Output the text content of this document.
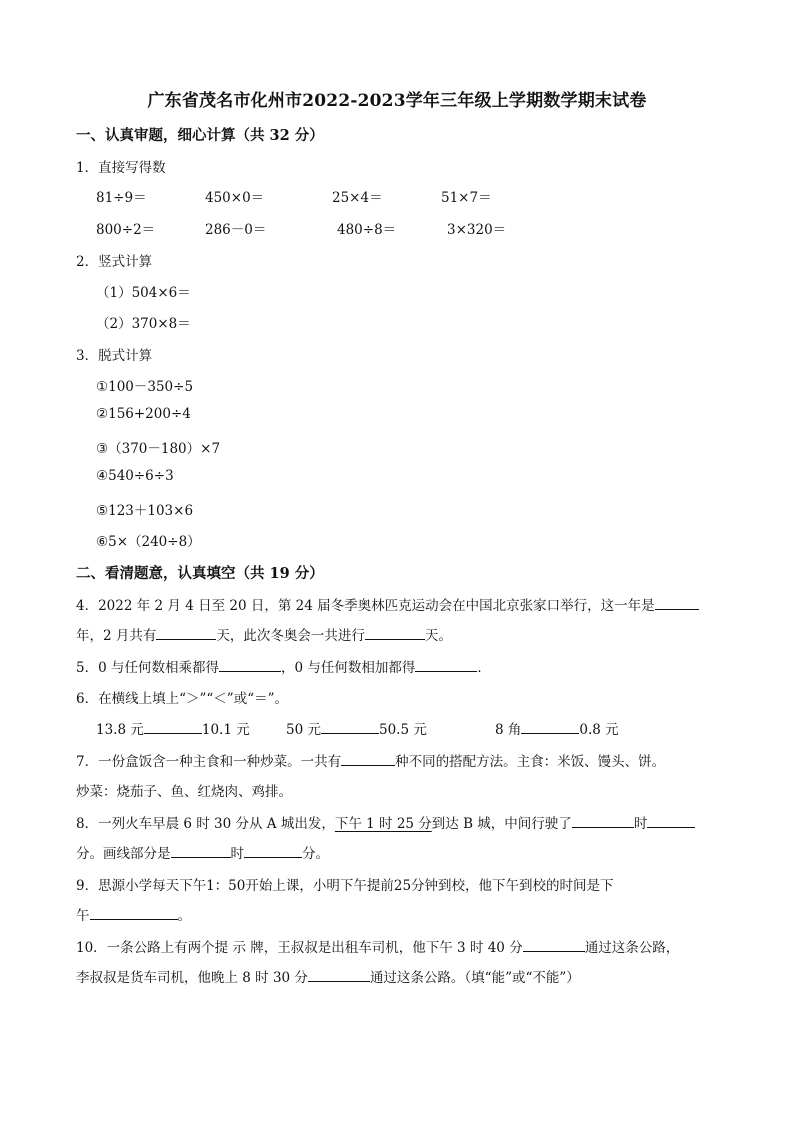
广东省茂名市化州市2022-2023学年三年级上学期数学期末试卷
一、认真审题，细心计算（共 32 分）
1．直接写得数
81÷9＝	450×0＝	25×4＝	51×7＝
800÷2＝	286－0＝	480÷8＝	3×320＝
2．竖式计算
（1）504×6＝
（2）370×8＝
3．脱式计算
①100－350÷5
②156+200÷4
③（370－180）×7
④540÷6÷3
⑤123＋103×6
⑥5×（240÷8）
二、看清题意，认真填空（共 19 分）
4．2022 年 2 月 4 日至 20 日，第 24 届冬季奥林匹克运动会在中国北京张家口举行，这一年是
年，2 月共有	天，此次冬奥会一共进行	天。
5．0 与任何数相乘都得	，0 与任何数相加都得	．
6．在横线上填上“＞”“＜”或“＝”。
13.8 元	10.1 元	50 元	50.5 元	8 角	0.8 元
7．一份盒饭含一种主食和一种炒菜。一共有	种不同的搭配方法。主食：米饭、馒头、饼。
炒菜：烧茄子、鱼、红烧肉、鸡排。
8．一列火车早晨 6 时 30 分从 A 城出发，下午 1 时 25 分到达 B 城，中间行驶了	时
分。画线部分是	时	分。
9．思源小学每天下午1：50开始上课，小明下午提前25分钟到校，他下午到校的时间是下
午	。
10．一条公路上有两个提 示 牌，王叔叔是出租车司机，他下午 3 时 40 分	通过这条公路，
李叔叔是货车司机，他晚上 8 时 30 分	通过这条公路。（填“能”或“不能”）
